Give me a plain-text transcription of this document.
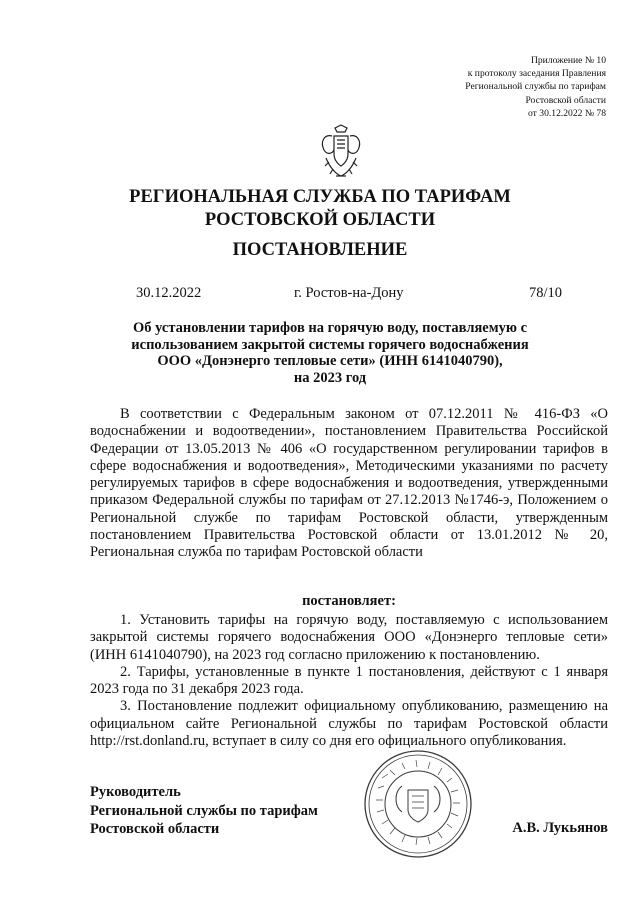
Приложение № 10
к протоколу заседания Правления
Региональной службы по тарифам
Ростовской области
от 30.12.2022 № 78
РЕГИОНАЛЬНАЯ СЛУЖБА ПО ТАРИФАМ
РОСТОВСКОЙ ОБЛАСТИ
ПОСТАНОВЛЕНИЕ
30.12.2022	г. Ростов-на-Дону	78/10
Об установлении тарифов на горячую воду, поставляемую с
использованием закрытой системы горячего водоснабжения
ООО «Донэнерго тепловые сети» (ИНН 6141040790),
на 2023 год
В соответствии с Федеральным законом от 07.12.2011 № 416-ФЗ «О водоснабжении и водоотведении», постановлением Правительства Российской Федерации от 13.05.2013 № 406 «О государственном регулировании тарифов в сфере водоснабжения и водоотведения», Методическими указаниями по расчету регулируемых тарифов в сфере водоснабжения и водоотведения, утвержденными приказом Федеральной службы по тарифам от 27.12.2013 №1746-э, Положением о Региональной службе по тарифам Ростовской области, утвержденным постановлением Правительства Ростовской области от 13.01.2012 № 20, Региональная служба по тарифам Ростовской области
постановляет:

1. Установить тарифы на горячую воду, поставляемую с использованием закрытой системы горячего водоснабжения ООО «Донэнерго тепловые сети» (ИНН 6141040790), на 2023 год согласно приложению к постановлению.

2. Тарифы, установленные в пункте 1 постановления, действуют с 1 января 2023 года по 31 декабря 2023 года.

3. Постановление подлежит официальному опубликованию, размещению на официальном сайте Региональной службы по тарифам Ростовской области http://rst.donland.ru, вступает в силу со дня его официального опубликования.

Руководитель
Региональной службы по тарифам
Ростовской области	А.В. Лукьянов
